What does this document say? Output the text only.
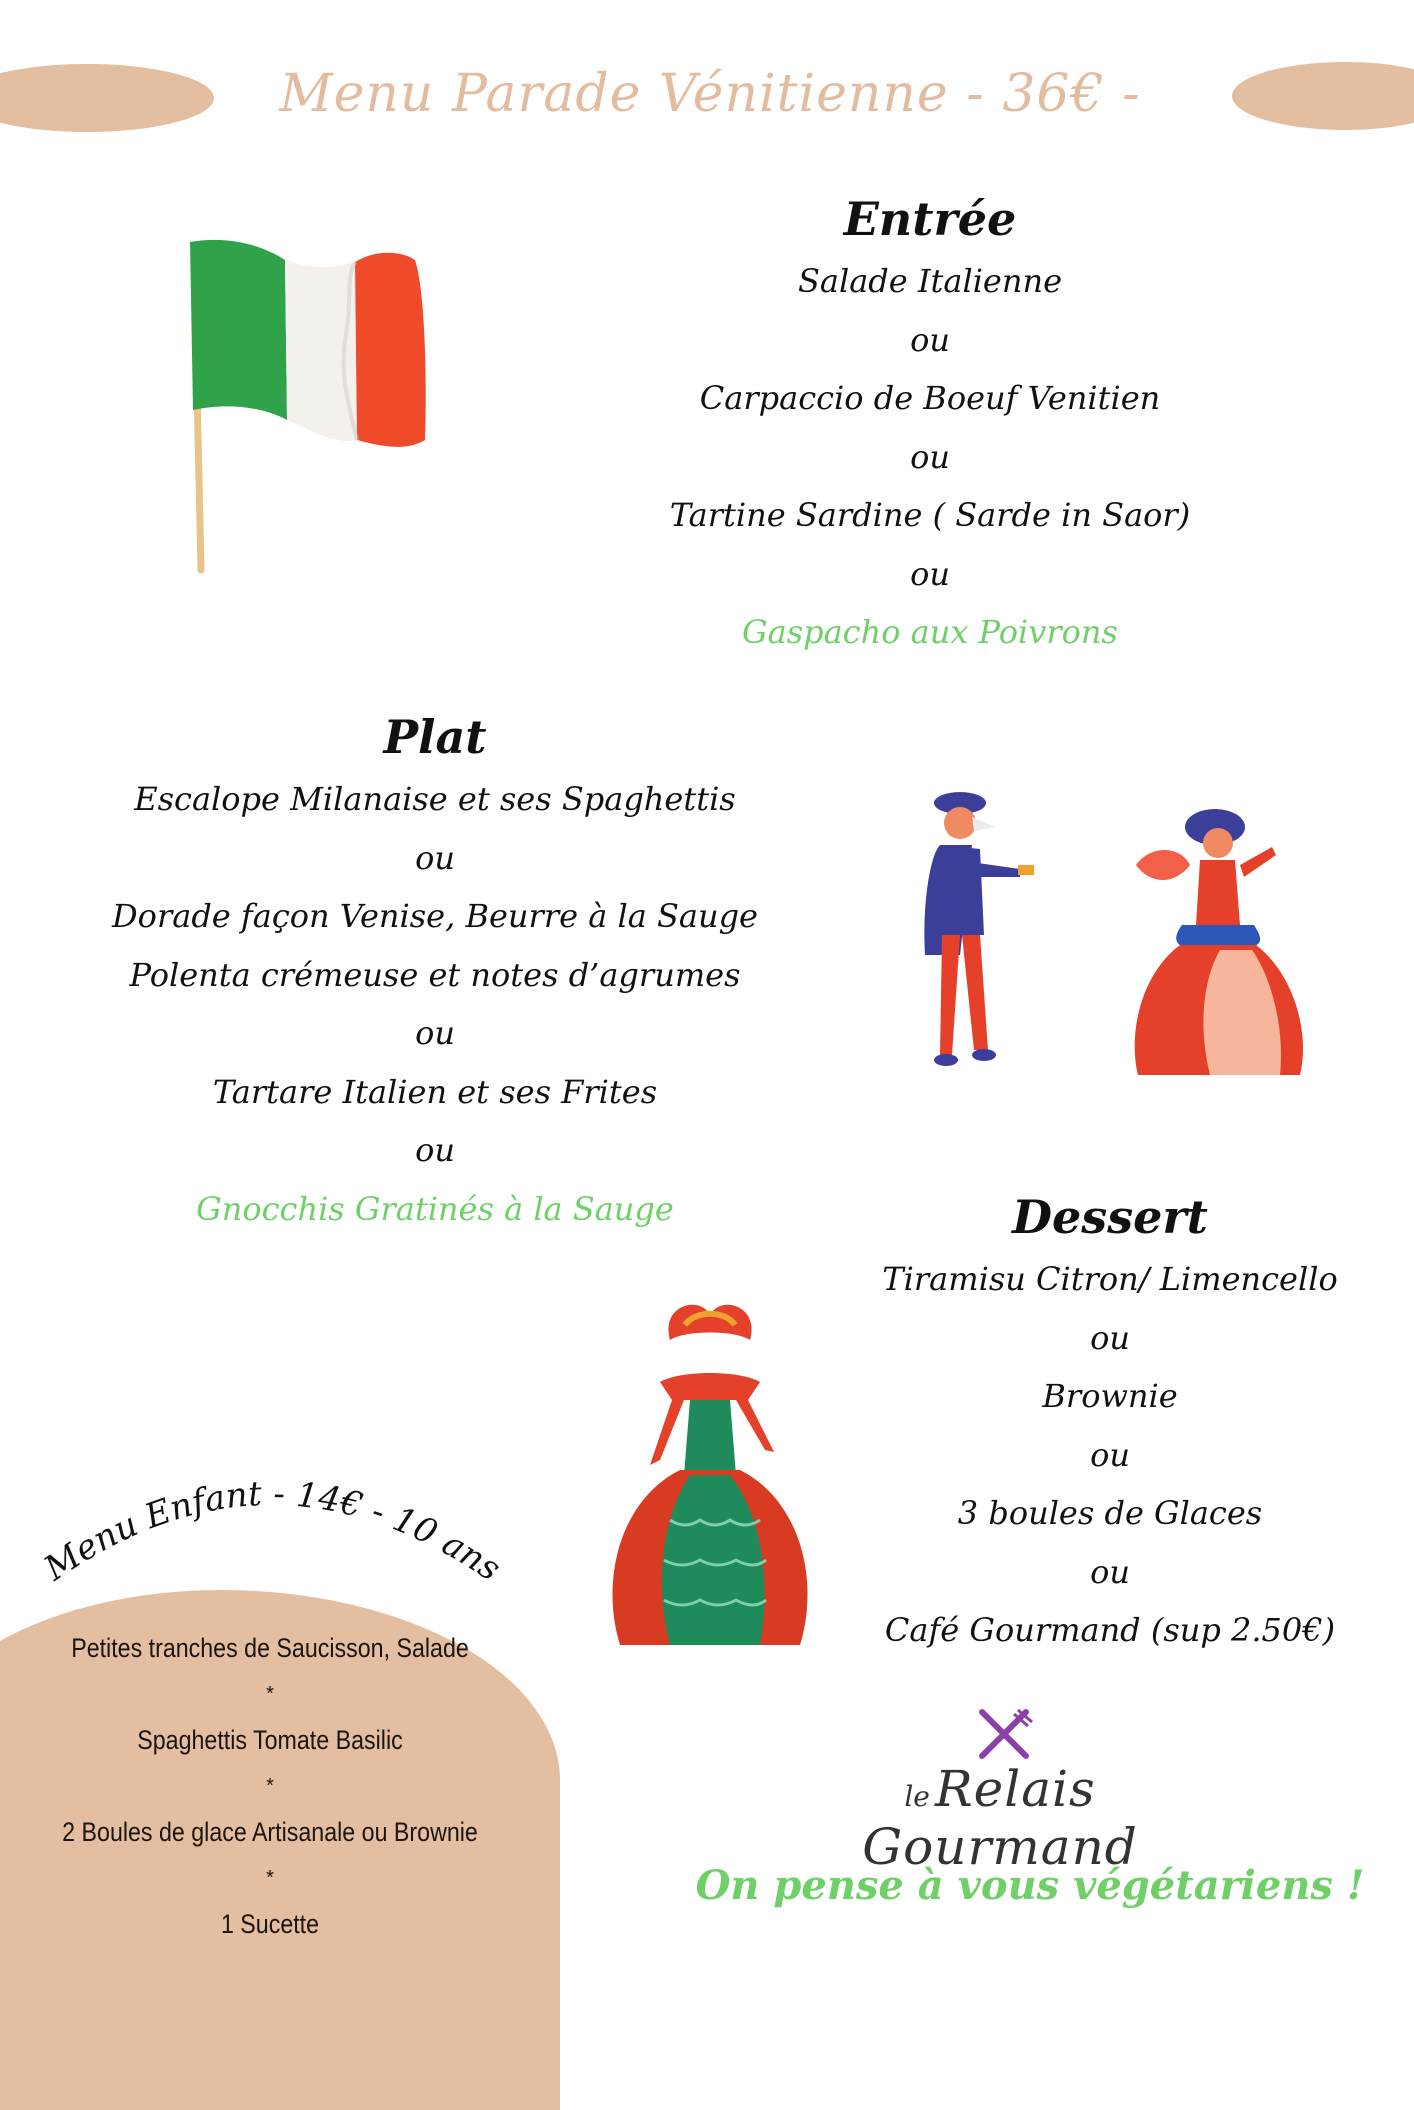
Menu Parade Vénitienne - 36€ -
Entrée
Salade Italienne
ou
Carpaccio de Boeuf Venitien
ou
Tartine Sardine ( Sarde in Saor)
ou
Gaspacho aux Poivrons
Plat
Escalope Milanaise et ses Spaghettis
ou
Dorade façon Venise, Beurre à la Sauge
Polenta crémeuse et notes d’agrumes
ou
Tartare Italien et ses Frites
ou
Gnocchis Gratinés à la Sauge	Dessert
Tiramisu Citron/ Limencello
ou
Brownie
ou
3 boules de Glaces
ou
Café Gourmand (sup 2.50€)
Menu Enfant - 14€ - 10 ans
Petites tranches de Saucisson, Salade
*
Spaghettis Tomate Basilic
*
2 Boules de glace Artisanale ou Brownie
*
1 Sucette
le Relais Gourmand
On pense à vous végétariens !
